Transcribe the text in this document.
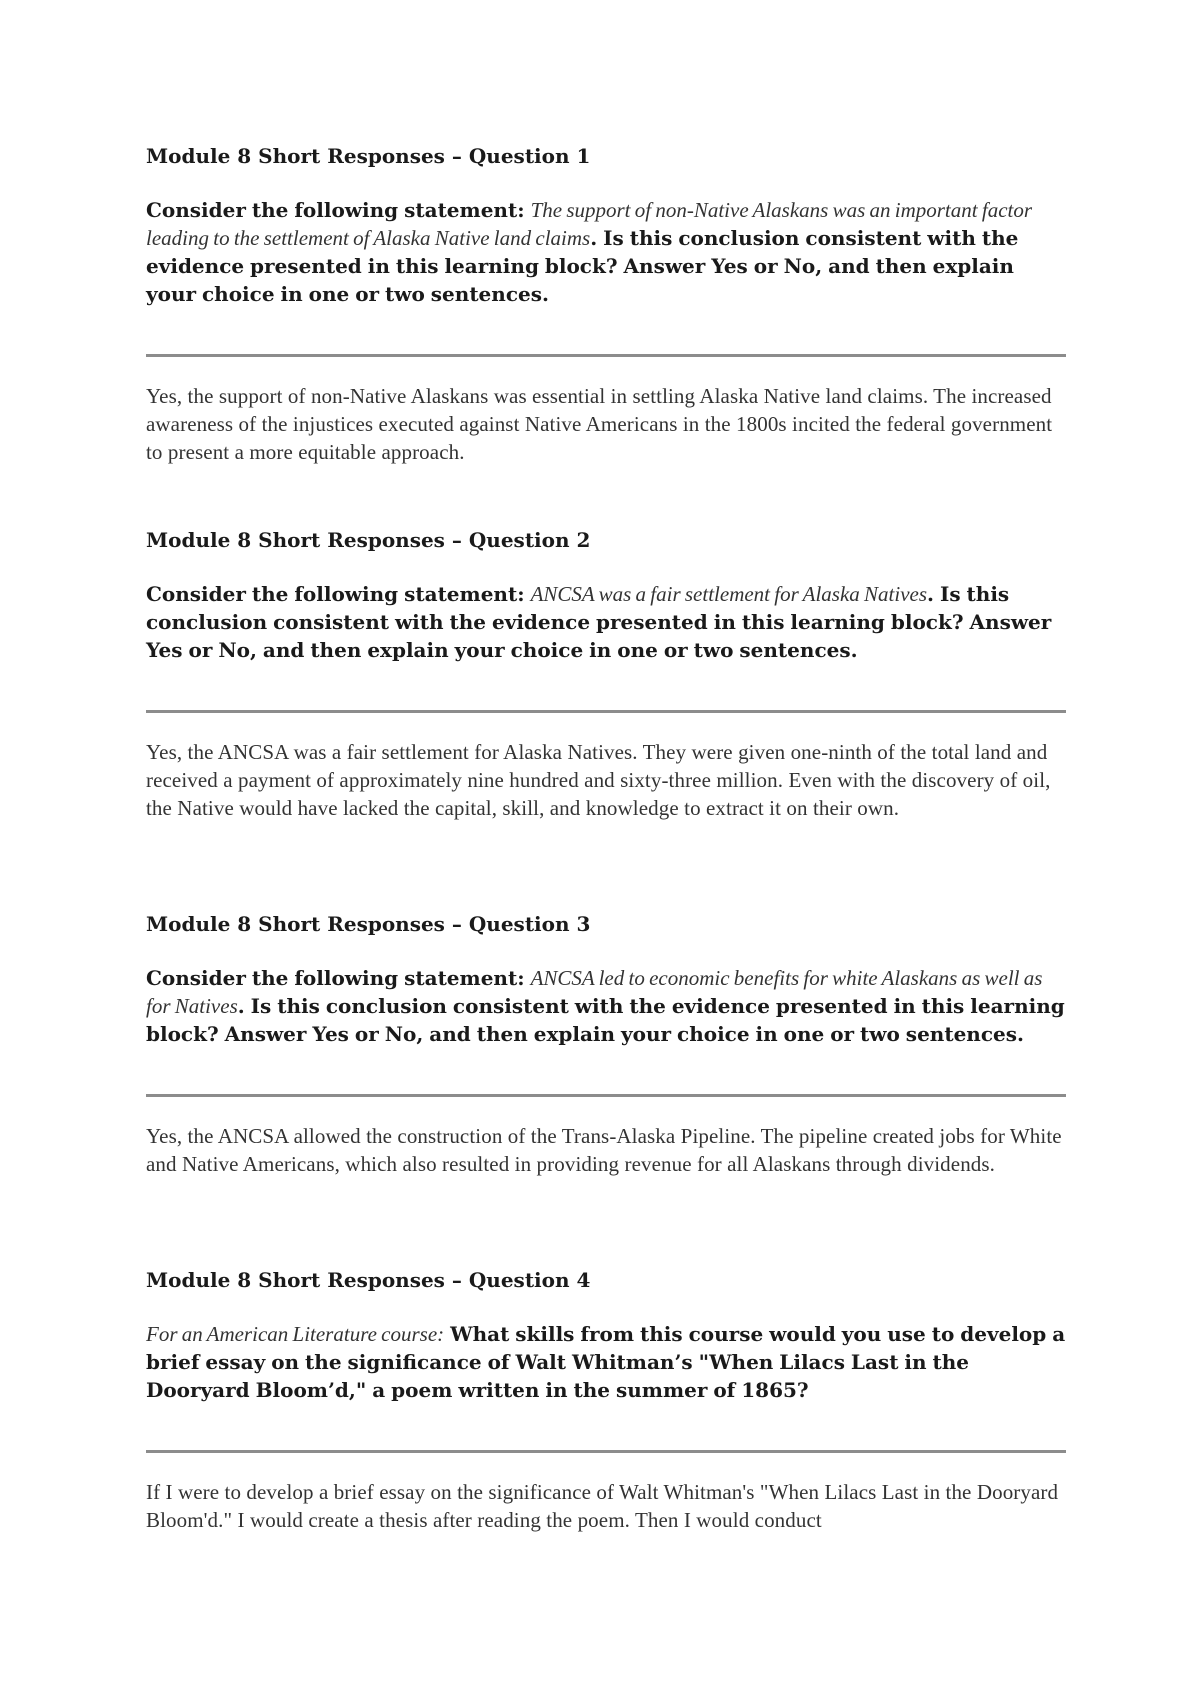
Module 8 Short Responses – Question 1

Consider the following statement: The support of non-Native Alaskans was an important factor leading to the settlement of Alaska Native land claims. Is this conclusion consistent with the evidence presented in this learning block? Answer Yes or No, and then explain your choice in one or two sentences.

Yes, the support of non-Native Alaskans was essential in settling Alaska Native land claims. The increased awareness of the injustices executed against Native Americans in the 1800s incited the federal government to present a more equitable approach.

Module 8 Short Responses – Question 2

Consider the following statement: ANCSA was a fair settlement for Alaska Natives. Is this conclusion consistent with the evidence presented in this learning block? Answer Yes or No, and then explain your choice in one or two sentences.

Yes, the ANCSA was a fair settlement for Alaska Natives. They were given one-ninth of the total land and received a payment of approximately nine hundred and sixty-three million. Even with the discovery of oil, the Native would have lacked the capital, skill, and knowledge to extract it on their own.

Module 8 Short Responses – Question 3

Consider the following statement: ANCSA led to economic benefits for white Alaskans as well as for Natives. Is this conclusion consistent with the evidence presented in this learning block? Answer Yes or No, and then explain your choice in one or two sentences.

Yes, the ANCSA allowed the construction of the Trans-Alaska Pipeline. The pipeline created jobs for White and Native Americans, which also resulted in providing revenue for all Alaskans through dividends.

Module 8 Short Responses – Question 4

For an American Literature course: What skills from this course would you use to develop a brief essay on the significance of Walt Whitman’s "When Lilacs Last in the Dooryard Bloom’d," a poem written in the summer of 1865?

If I were to develop a brief essay on the significance of Walt Whitman's "When Lilacs Last in the Dooryard Bloom'd." I would create a thesis after reading the poem. Then I would conduct
